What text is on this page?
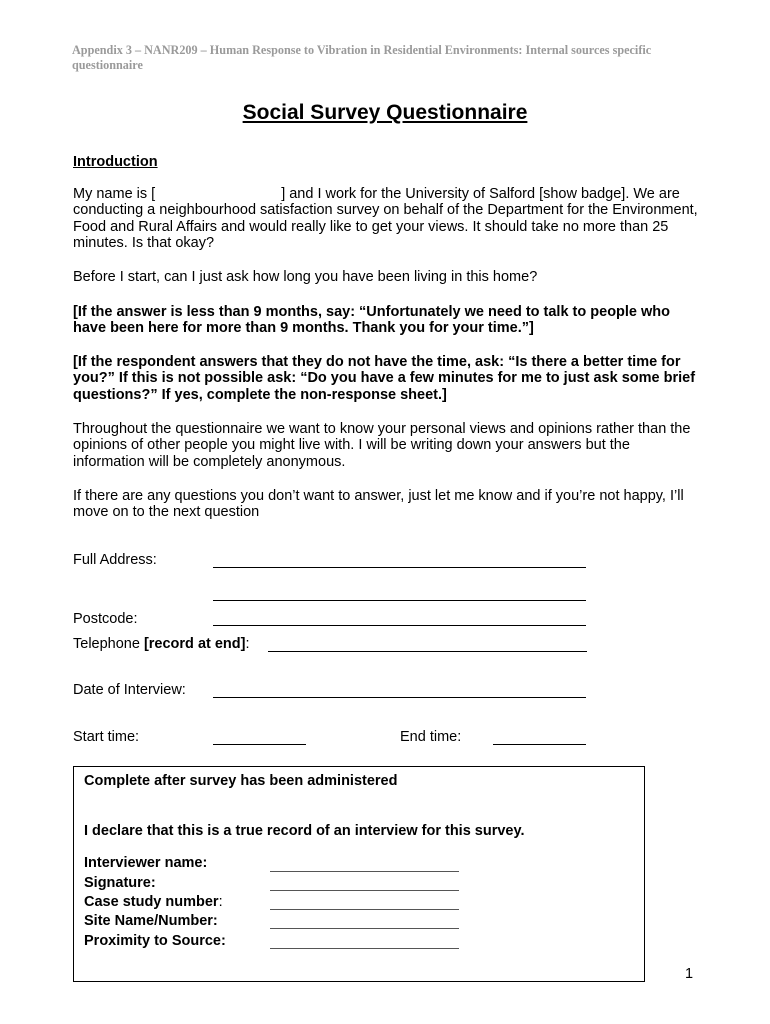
Appendix 3 – NANR209 – Human Response to Vibration in Residential Environments: Internal sources specific questionnaire
Social Survey Questionnaire
Introduction
My name is [	] and I work for the University of Salford [show badge]. We are conducting a neighbourhood satisfaction survey on behalf of the Department for the Environment, Food and Rural Affairs and would really like to get your views. It should take no more than 25 minutes. Is that okay?
Before I start, can I just ask how long you have been living in this home?
[If the answer is less than 9 months, say: “Unfortunately we need to talk to people who have been here for more than 9 months. Thank you for your time.”]
[If the respondent answers that they do not have the time, ask: “Is there a better time for you?” If this is not possible ask: “Do you have a few minutes for me to just ask some brief questions?” If yes, complete the non-response sheet.]
Throughout the questionnaire we want to know your personal views and opinions rather than the opinions of other people you might live with. I will be writing down your answers but the information will be completely anonymous.
If there are any questions you don’t want to answer, just let me know and if you’re not happy, I’ll move on to the next question
Full Address:
Postcode:
Telephone [record at end]:
Date of Interview:
Start time:	End time:
Complete after survey has been administered
I declare that this is a true record of an interview for this survey.
Interviewer name:
Signature:
Case study number:
Site Name/Number:
Proximity to Source:
1
